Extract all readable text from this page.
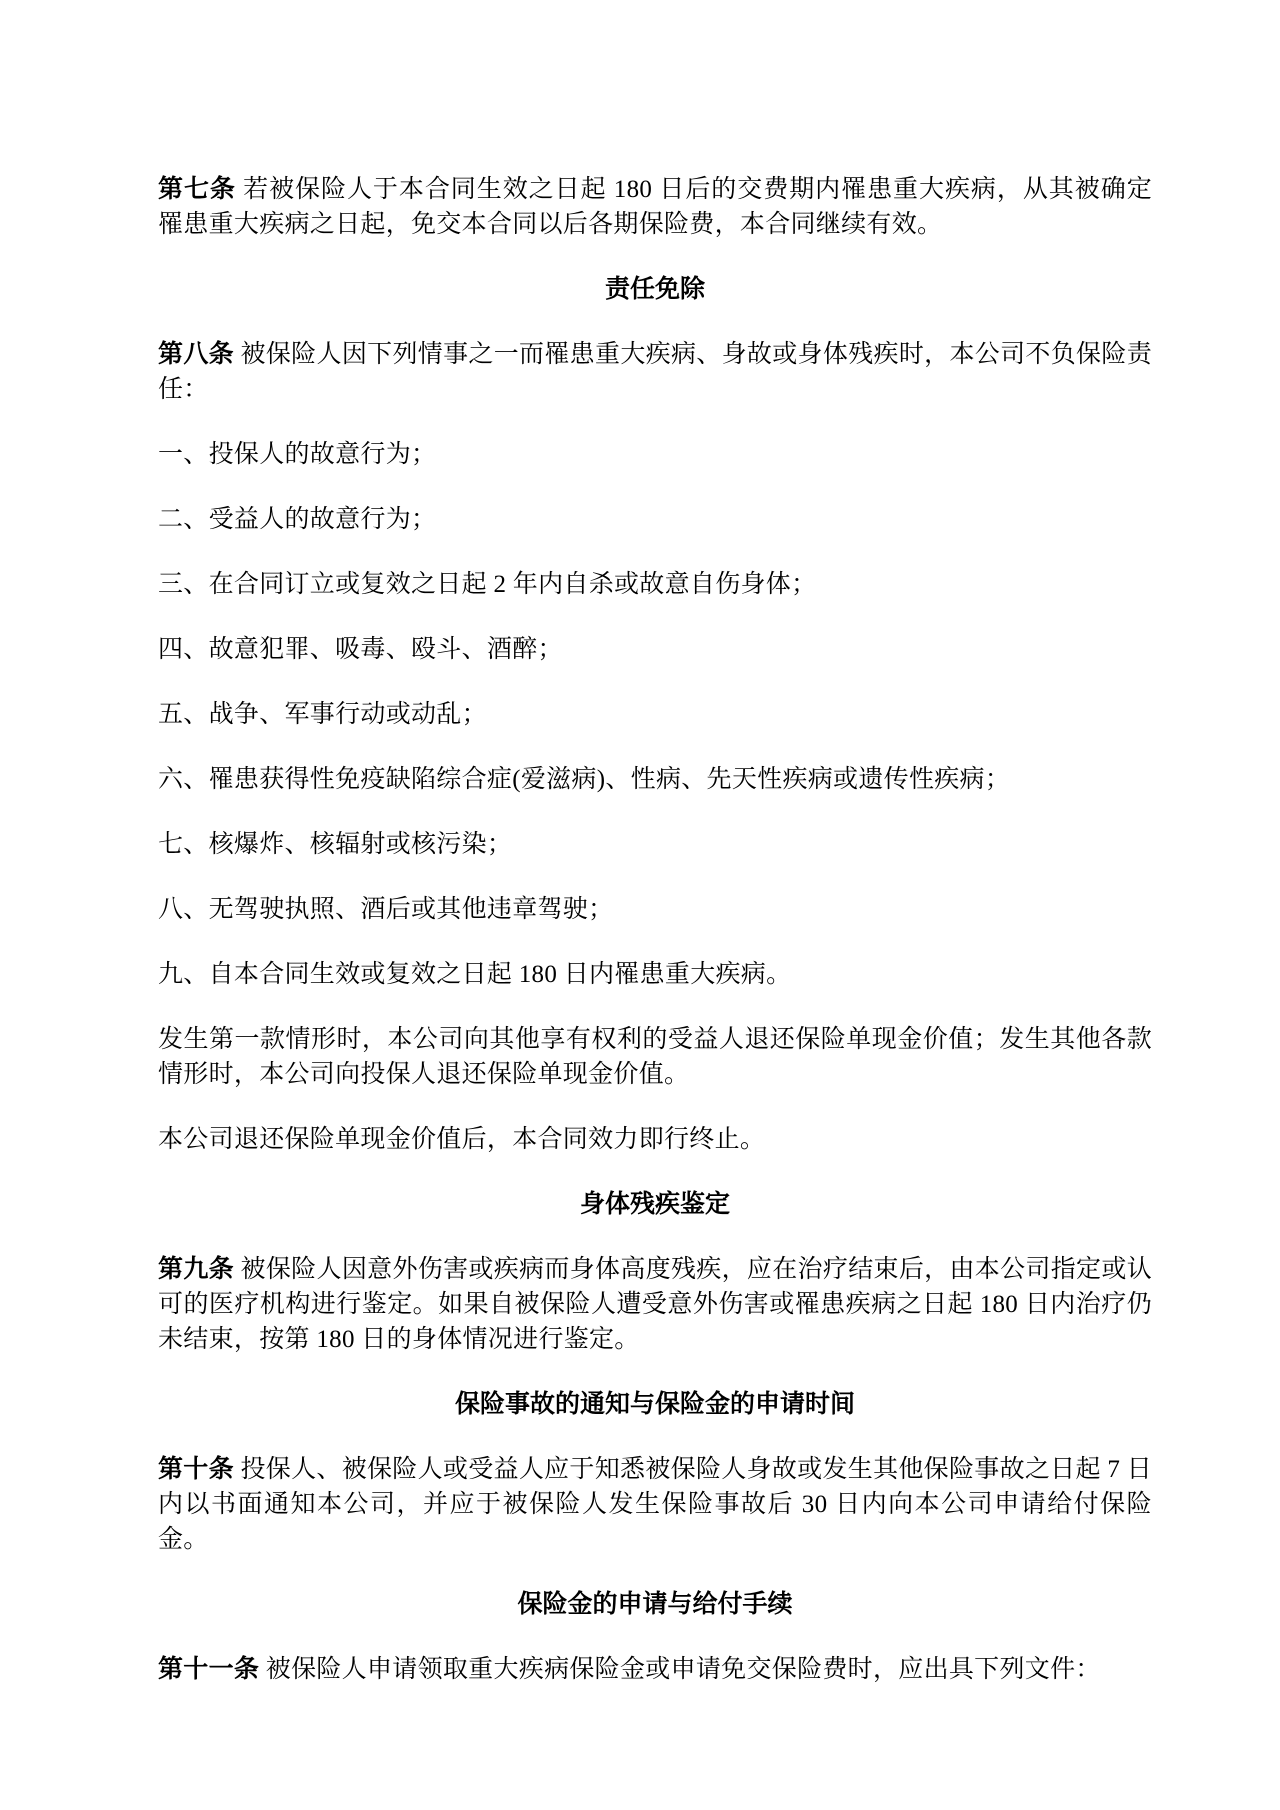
第七条 若被保险人于本合同生效之日起 180 日后的交费期内罹患重大疾病，从其被确定罹患重大疾病之日起，免交本合同以后各期保险费，本合同继续有效。

责任免除

第八条 被保险人因下列情事之一而罹患重大疾病、身故或身体残疾时，本公司不负保险责任：

一、投保人的故意行为；

二、受益人的故意行为；

三、在合同订立或复效之日起 2 年内自杀或故意自伤身体；

四、故意犯罪、吸毒、殴斗、酒醉；

五、战争、军事行动或动乱；

六、罹患获得性免疫缺陷综合症(爱滋病)、性病、先天性疾病或遗传性疾病；

七、核爆炸、核辐射或核污染；

八、无驾驶执照、酒后或其他违章驾驶；

九、自本合同生效或复效之日起 180 日内罹患重大疾病。

发生第一款情形时，本公司向其他享有权利的受益人退还保险单现金价值；发生其他各款情形时，本公司向投保人退还保险单现金价值。

本公司退还保险单现金价值后，本合同效力即行终止。

身体残疾鉴定

第九条 被保险人因意外伤害或疾病而身体高度残疾，应在治疗结束后，由本公司指定或认可的医疗机构进行鉴定。如果自被保险人遭受意外伤害或罹患疾病之日起 180 日内治疗仍未结束，按第 180 日的身体情况进行鉴定。

保险事故的通知与保险金的申请时间

第十条 投保人、被保险人或受益人应于知悉被保险人身故或发生其他保险事故之日起 7 日内以书面通知本公司，并应于被保险人发生保险事故后 30 日内向本公司申请给付保险金。

保险金的申请与给付手续

第十一条 被保险人申请领取重大疾病保险金或申请免交保险费时，应出具下列文件：
